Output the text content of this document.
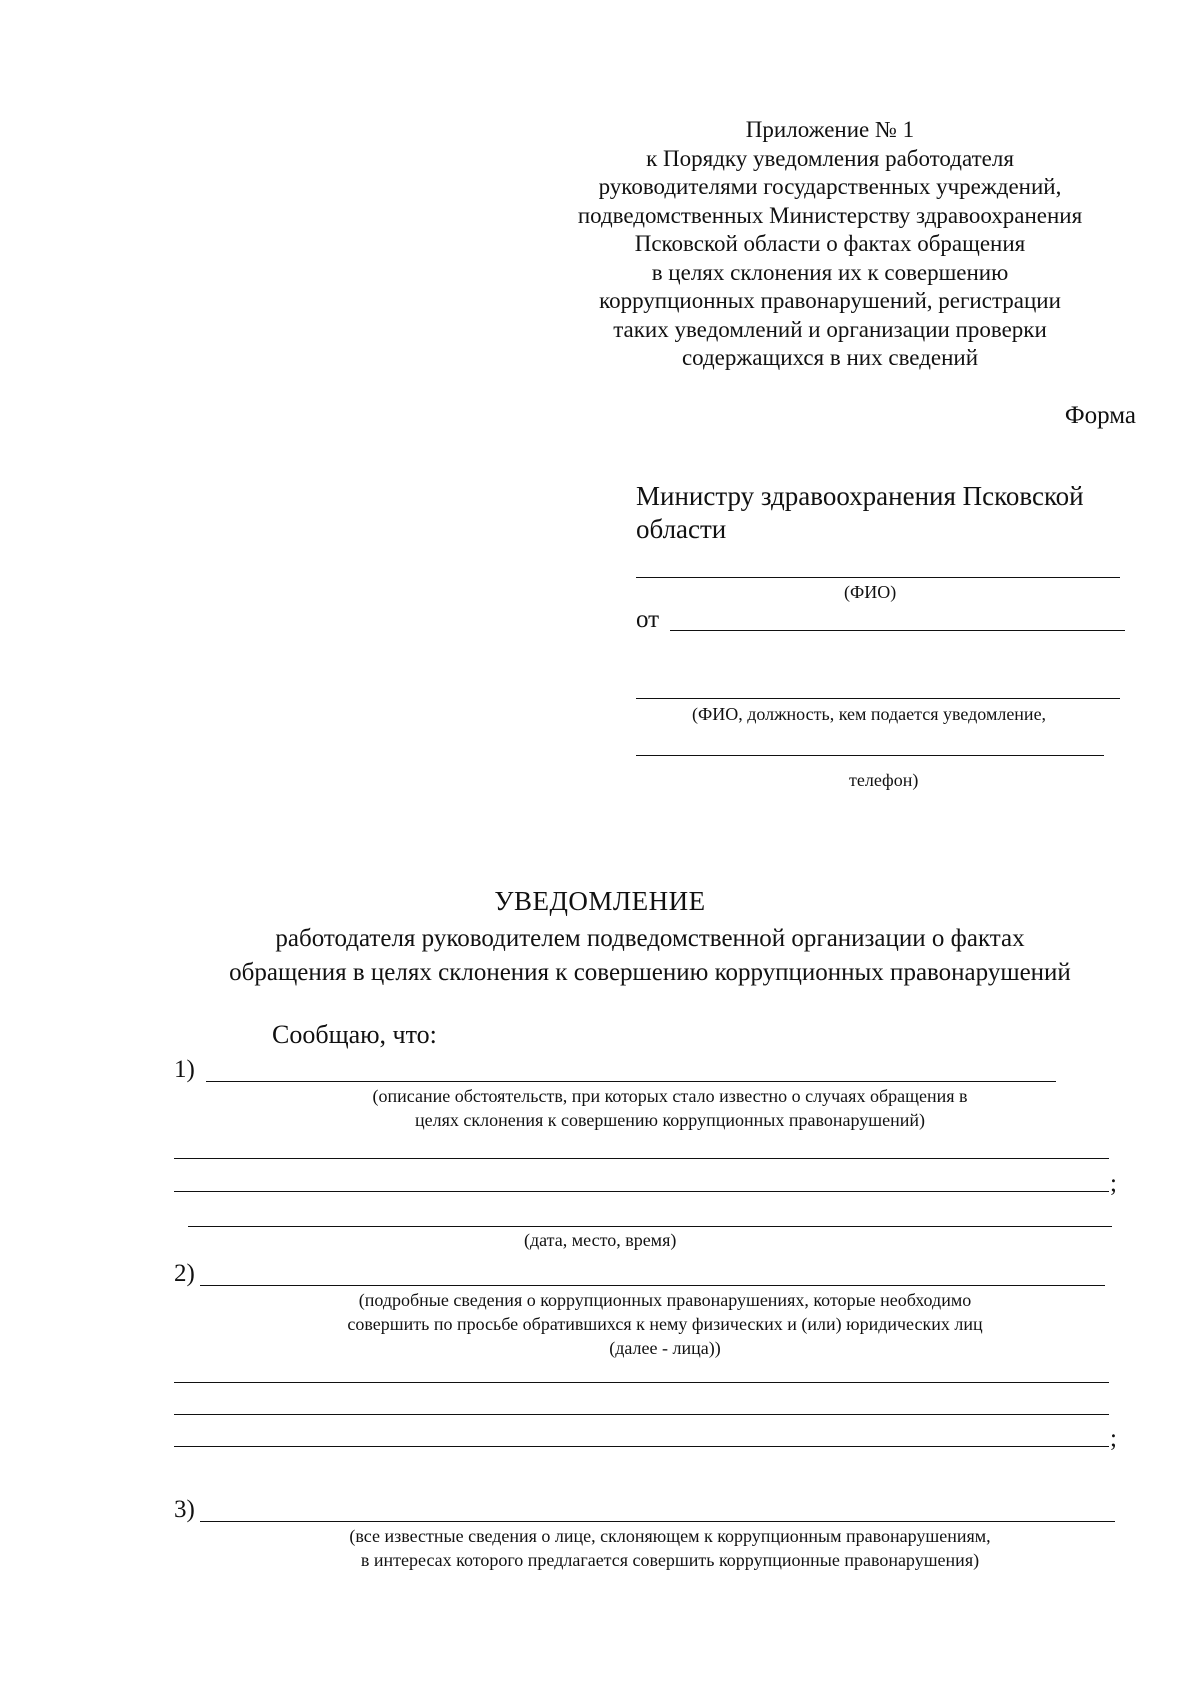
Приложение № 1
к Порядку уведомления работодателя
руководителями государственных учреждений,
подведомственных Министерству здравоохранения
Псковской области о фактах обращения
в целях склонения их к совершению
коррупционных правонарушений, регистрации
таких уведомлений и организации проверки
содержащихся в них сведений
Форма
Министру здравоохранения Псковской
области
(ФИО)
от
(ФИО, должность, кем подается уведомление,
телефон)
УВЕДОМЛЕНИЕ
работодателя руководителем подведомственной организации о фактах
обращения в целях склонения к совершению коррупционных правонарушений
Сообщаю, что:
1)
(описание обстоятельств, при которых стало известно о случаях обращения в
целях склонения к совершению коррупционных правонарушений)
;
(дата, место, время)
2)
(подробные сведения о коррупционных правонарушениях, которые необходимо
совершить по просьбе обратившихся к нему физических и (или) юридических лиц
(далее - лица))
;
3)
(все известные сведения о лице, склоняющем к коррупционным правонарушениям,
в интересах которого предлагается совершить коррупционные правонарушения)
